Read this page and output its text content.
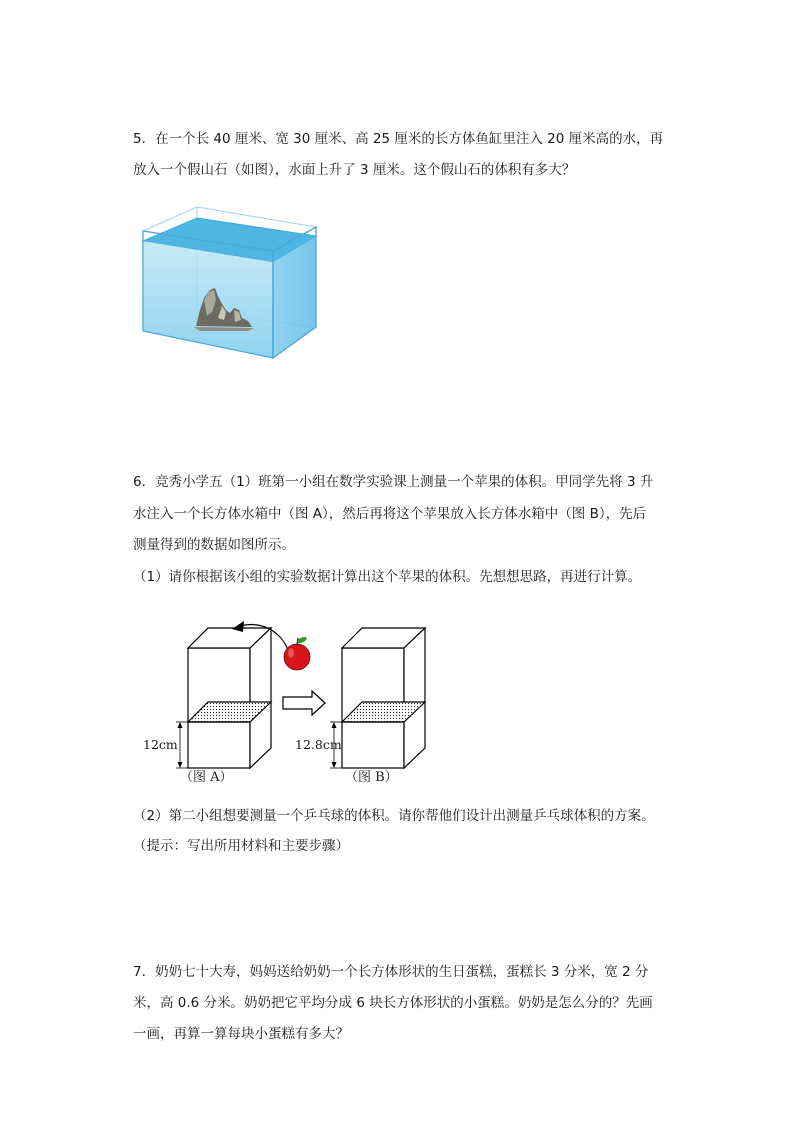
5．在一个长 40 厘米、宽 30 厘米、高 25 厘米的长方体鱼缸里注入 20 厘米高的水，再
放入一个假山石（如图），水面上升了 3 厘米。这个假山石的体积有多大？
6．竞秀小学五（1）班第一小组在数学实验课上测量一个苹果的体积。甲同学先将 3 升
水注入一个长方体水箱中（图 A），然后再将这个苹果放入长方体水箱中（图 B），先后
测量得到的数据如图所示。
（1）请你根据该小组的实验数据计算出这个苹果的体积。先想想思路，再进行计算。
12cm	12.8cm
（图 A）	（图 B）
（2）第二小组想要测量一个乒乓球的体积。请你帮他们设计出测量乒乓球体积的方案。
（提示：写出所用材料和主要步骤）
7．奶奶七十大寿，妈妈送给奶奶一个长方体形状的生日蛋糕，蛋糕长 3 分米，宽 2 分
米，高 0.6 分米。奶奶把它平均分成 6 块长方体形状的小蛋糕。奶奶是怎么分的？先画
一画，再算一算每块小蛋糕有多大？
